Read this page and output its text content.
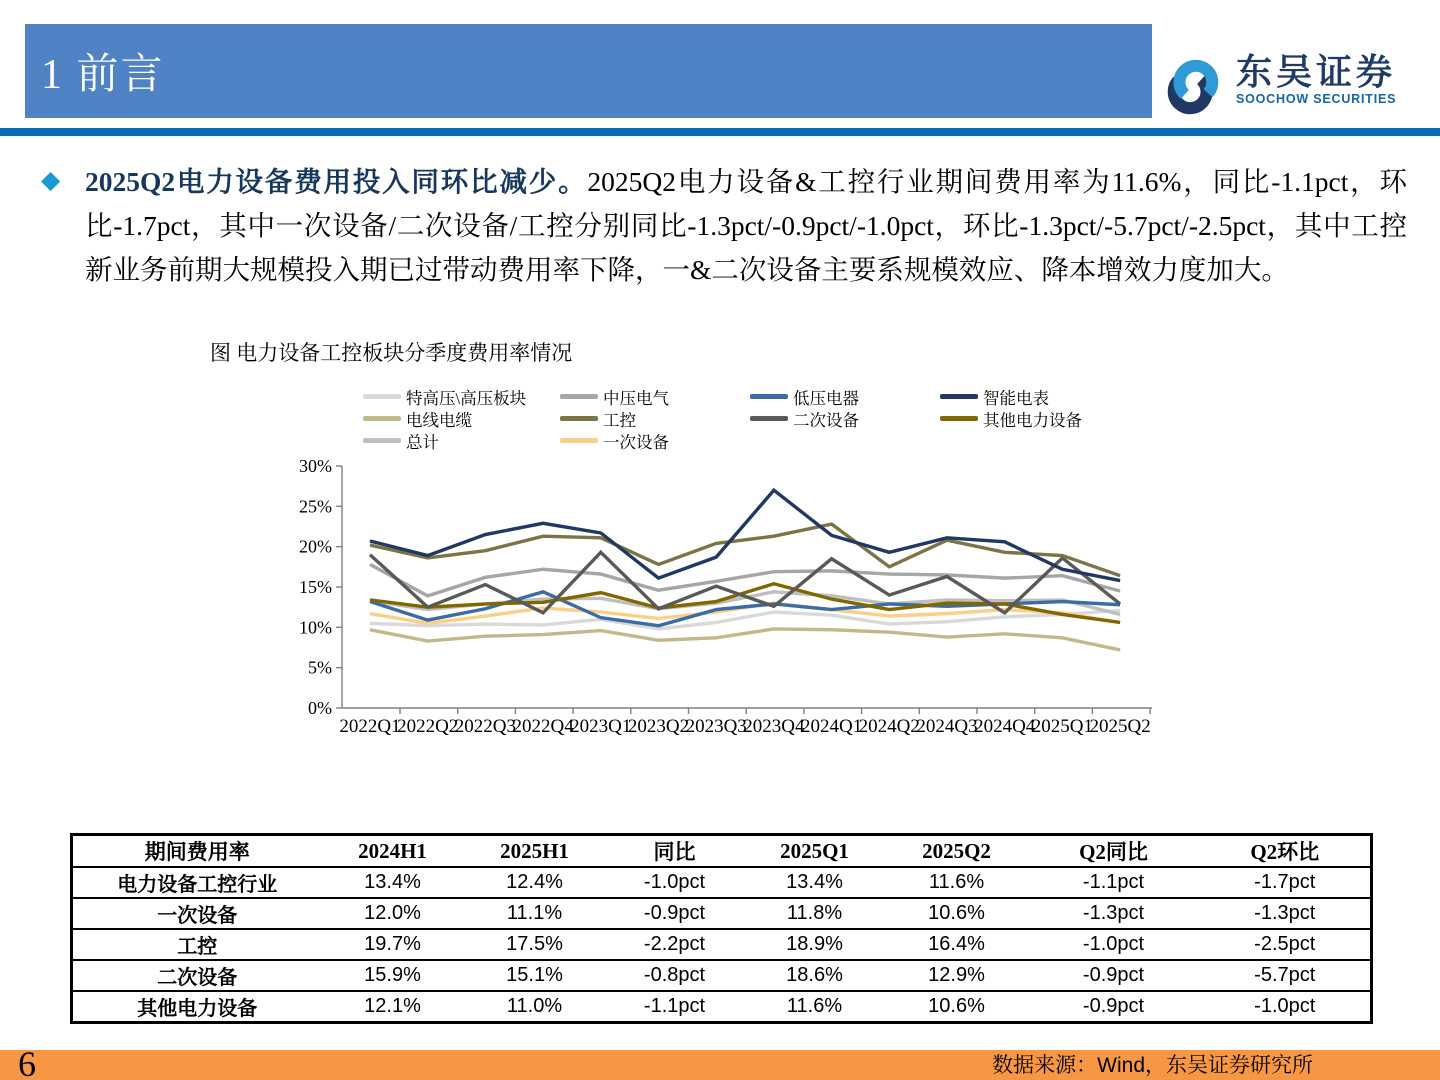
1 前言	东吴证券
SOOCHOW SECURITIES
◆ 2025Q2电力设备费用投入同环比减少。2025Q2电力设备&工控行业期间费用率为11.6%，同比-1.1pct，环比-1.7pct，其中一次设备/二次设备/工控分别同比-1.3pct/-0.9pct/-1.0pct，环比-1.3pct/-5.7pct/-2.5pct，其中工控新业务前期大规模投入期已过带动费用率下降，一&二次设备主要系规模效应、降本增效力度加大。
图 电力设备工控板块分季度费用率情况
特高压\高压板块	中压电气	低压电器	智能电表
电线电缆	工控	二次设备	其他电力设备
总计	一次设备
0%
5%
10%
15%
20%
25%
30%
2022Q1
2022Q2
2022Q3
2022Q4
2023Q1
2023Q2
2023Q3
2023Q4
2024Q1
2024Q2
2024Q3
2024Q4
2025Q1
2025Q2
期间费用率	2024H1	2025H1	同比	2025Q1	2025Q2	Q2同比	Q2环比
电力设备工控行业	13.4%	12.4%	-1.0pct	13.4%	11.6%	-1.1pct	-1.7pct
一次设备	12.0%	11.1%	-0.9pct	11.8%	10.6%	-1.3pct	-1.3pct
工控	19.7%	17.5%	-2.2pct	18.9%	16.4%	-1.0pct	-2.5pct
二次设备	15.9%	15.1%	-0.8pct	18.6%	12.9%	-0.9pct	-5.7pct
其他电力设备	12.1%	11.0%	-1.1pct	11.6%	10.6%	-0.9pct	-1.0pct
6	数据来源：Wind，东吴证券研究所
